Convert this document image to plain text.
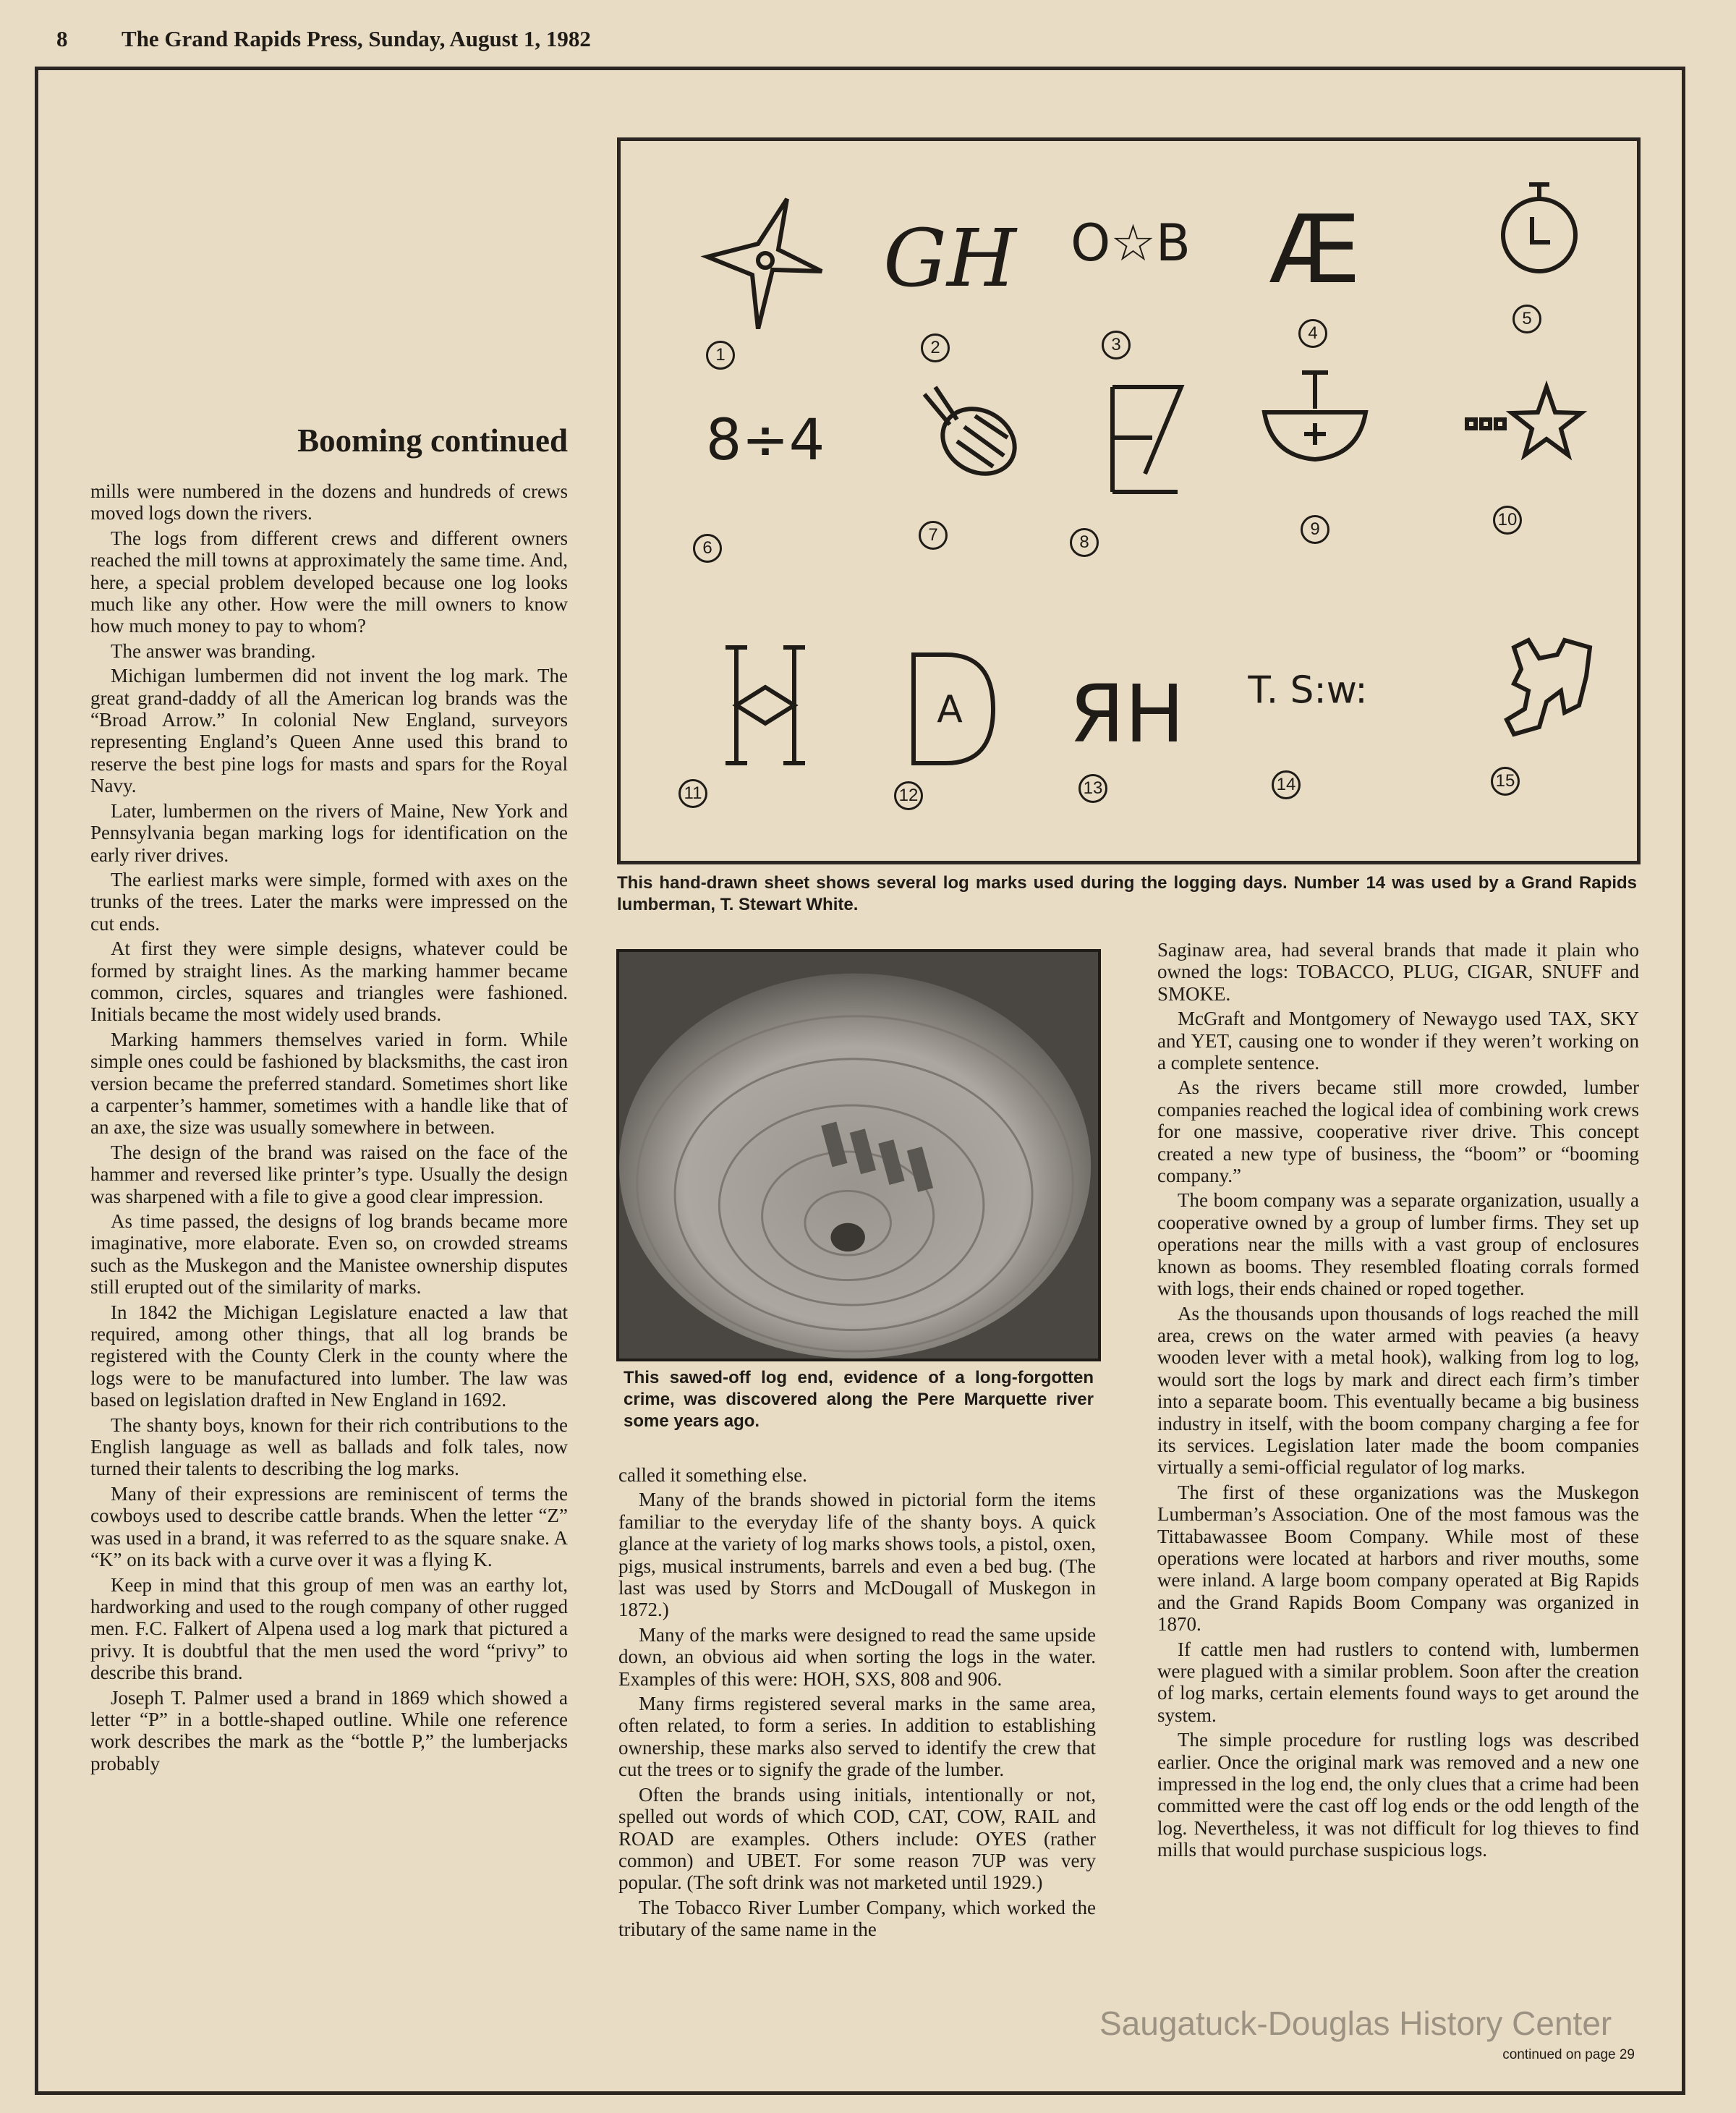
8 The Grand Rapids Press, Sunday, August 1, 1982
Booming continued

mills were numbered in the dozens and hundreds of crews moved logs down the rivers.

The logs from different crews and different owners reached the mill towns at approximately the same time. And, here, a special problem developed because one log looks much like any other. How were the mill owners to know how much money to pay to whom?

The answer was branding.

Michigan lumbermen did not invent the log mark. The great grand-daddy of all the American log brands was the “Broad Arrow.” In colonial New England, surveyors representing England’s Queen Anne used this brand to reserve the best pine logs for masts and spars for the Royal Navy.

Later, lumbermen on the rivers of Maine, New York and Pennsylvania began marking logs for identification on the early river drives.

The earliest marks were simple, formed with axes on the trunks of the trees. Later the marks were impressed on the cut ends.

At first they were simple designs, whatever could be formed by straight lines. As the marking hammer became common, circles, squares and triangles were fashioned. Initials became the most widely used brands.

Marking hammers themselves varied in form. While simple ones could be fashioned by blacksmiths, the cast iron version became the preferred standard. Sometimes short like a carpenter’s hammer, sometimes with a handle like that of an axe, the size was usually somewhere in between.

The design of the brand was raised on the face of the hammer and reversed like printer’s type. Usually the design was sharpened with a file to give a good clear impression.

As time passed, the designs of log brands became more imaginative, more elaborate. Even so, on crowded streams such as the Muskegon and the Manistee ownership disputes still erupted out of the similarity of marks.

In 1842 the Michigan Legislature enacted a law that required, among other things, that all log brands be registered with the County Clerk in the county where the logs were to be manufactured into lumber. The law was based on legislation drafted in New England in 1692.

The shanty boys, known for their rich contributions to the English language as well as ballads and folk tales, now turned their talents to describing the log marks.

Many of their expressions are reminiscent of terms the cowboys used to describe cattle brands. When the letter “Z” was used in a brand, it was referred to as the square snake. A “K” on its back with a curve over it was a flying K.

Keep in mind that this group of men was an earthy lot, hardworking and used to the rough company of other rugged men. F.C. Falkert of Alpena used a log mark that pictured a privy. It is doubtful that the men used the word “privy” to describe this brand.

Joseph T. Palmer used a brand in 1869 which showed a letter “P” in a bottle-shaped outline. While one reference work describes the mark as the “bottle P,” the lumberjacks probably

1
GH
2
O☆B
3
Æ
4
5
8÷4
6
7	8
9	10
H
11
A
12
ЯH
13
T. S:w:
14	15
This hand-drawn sheet shows several log marks used during the logging days. Number 14 was used by a Grand Rapids lumberman, T. Stewart White.
This sawed-off log end, evidence of a long-forgotten crime, was discovered along the Pere Marquette river some years ago.

called it something else.

Many of the brands showed in pictorial form the items familiar to the everyday life of the shanty boys. A quick glance at the variety of log marks shows tools, a pistol, oxen, pigs, musical instruments, barrels and even a bed bug. (The last was used by Storrs and McDougall of Muskegon in 1872.)

Many of the marks were designed to read the same upside down, an obvious aid when sorting the logs in the water. Examples of this were: HOH, SXS, 808 and 906.

Many firms registered several marks in the same area, often related, to form a series. In addition to establishing ownership, these marks also served to identify the crew that cut the trees or to signify the grade of the lumber.

Often the brands using initials, intentionally or not, spelled out words of which COD, CAT, COW, RAIL and ROAD are examples. Others include: OYES (rather common) and UBET. For some reason 7UP was very popular. (The soft drink was not marketed until 1929.)

The Tobacco River Lumber Company, which worked the tributary of the same name in the

Saginaw area, had several brands that made it plain who owned the logs: TOBACCO, PLUG, CIGAR, SNUFF and SMOKE.

McGraft and Montgomery of Newaygo used TAX, SKY and YET, causing one to wonder if they weren’t working on a complete sentence.

As the rivers became still more crowded, lumber companies reached the logical idea of combining work crews for one massive, cooperative river drive. This concept created a new type of business, the “boom” or “booming company.”

The boom company was a separate organization, usually a cooperative owned by a group of lumber firms. They set up operations near the mills with a vast group of enclosures known as booms. They resembled floating corrals formed with logs, their ends chained or roped together.

As the thousands upon thousands of logs reached the mill area, crews on the water armed with peavies (a heavy wooden lever with a metal hook), walking from log to log, would sort the logs by mark and direct each firm’s timber into a separate boom. This eventually became a big business industry in itself, with the boom company charging a fee for its services. Legislation later made the boom companies virtually a semi-official regulator of log marks.

The first of these organizations was the Muskegon Lumberman’s Association. One of the most famous was the Tittabawassee Boom Company. While most of these operations were located at harbors and river mouths, some were inland. A large boom company operated at Big Rapids and the Grand Rapids Boom Company was organized in 1870.

If cattle men had rustlers to contend with, lumbermen were plagued with a similar problem. Soon after the creation of log marks, certain elements found ways to get around the system.

The simple procedure for rustling logs was described earlier. Once the original mark was removed and a new one impressed in the log end, the only clues that a crime had been committed were the cast off log ends or the odd length of the log. Nevertheless, it was not difficult for log thieves to find mills that would purchase suspicious logs.

Saugatuck-Douglas History Center
continued on page 29
